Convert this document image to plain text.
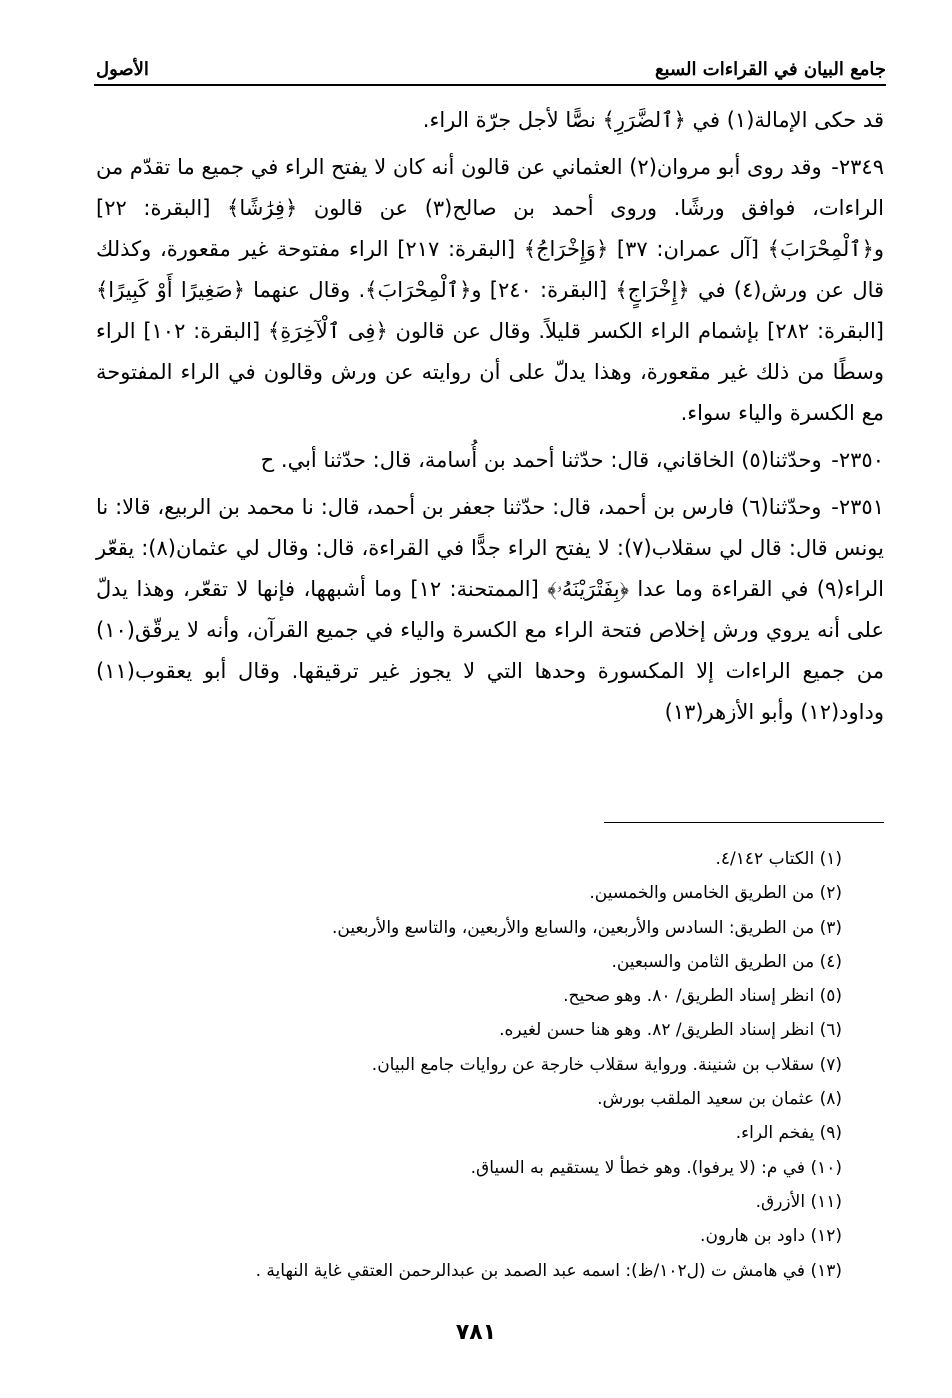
جامع البيان في القراءات السبع
الأصول

قد حكى الإمالة(١) في ﴿ٱلضَّرَرِ﴾ نصًّا لأجل جرّة الراء.

٢٣٤٩- وقد روى أبو مروان(٢) العثماني عن قالون أنه كان لا يفتح الراء في جميع ما تقدّم من الراءات، فوافق ورشًا. وروى أحمد بن صالح(٣) عن قالون ﴿فِرَٰشًا﴾ [البقرة: ٢٢] و﴿ٱلْمِحْرَابَ﴾ [آل عمران: ٣٧] ﴿وَإِخْرَاجُ﴾ [البقرة: ٢١٧] الراء مفتوحة غير مقعورة، وكذلك قال عن ورش(٤) في ﴿إِخْرَاجٍ﴾ [البقرة: ٢٤٠] و﴿ٱلْمِحْرَابَ﴾. وقال عنهما ﴿صَغِيرًا أَوْ كَبِيرًا﴾ [البقرة: ٢٨٢] بإشمام الراء الكسر قليلاً. وقال عن قالون ﴿فِى ٱلْآخِرَةِ﴾ [البقرة: ١٠٢] الراء وسطًا من ذلك غير مقعورة، وهذا يدلّ على أن روايته عن ورش وقالون في الراء المفتوحة مع الكسرة والياء سواء.

٢٣٥٠- وحدّثنا(٥) الخاقاني، قال: حدّثنا أحمد بن أُسامة، قال: حدّثنا أبي. ح

٢٣٥١- وحدّثنا(٦) فارس بن أحمد، قال: حدّثنا جعفر بن أحمد، قال: نا محمد بن الربيع، قالا: نا يونس قال: قال لي سقلاب(٧): لا يفتح الراء جدًّا في القراءة، قال: وقال لي عثمان(٨): يقعّر الراء(٩) في القراءة وما عدا ﴿بِفَتْرَيْنَهُۥ﴾ [الممتحنة: ١٢] وما أشبهها، فإنها لا تقعّر، وهذا يدلّ على أنه يروي ورش إخلاص فتحة الراء مع الكسرة والياء في جميع القرآن، وأنه لا يرقّق(١٠) من جميع الراءات إلا المكسورة وحدها التي لا يجوز غير ترقيقها. وقال أبو يعقوب(١١) وداود(١٢) وأبو الأزهر(١٣)

(١) الكتاب ٤/١٤٢.
(٢) من الطريق الخامس والخمسين.
(٣) من الطريق: السادس والأربعين، والسابع والأربعين، والتاسع والأربعين.
(٤) من الطريق الثامن والسبعين.
(٥) انظر إسناد الطريق/ ٨٠. وهو صحيح.
(٦) انظر إسناد الطريق/ ٨٢. وهو هنا حسن لغيره.
(٧) سقلاب بن شنينة. ورواية سقلاب خارجة عن روايات جامع البيان.
(٨) عثمان بن سعيد الملقب بورش.
(٩) يفخم الراء.
(١٠) في م: (لا يرفوا). وهو خطأ لا يستقيم به السياق.
(١١) الأزرق.
(١٢) داود بن هارون.
(١٣) في هامش ت (ل١٠٢/ظ): اسمه عبد الصمد بن عبدالرحمن العتقي غاية النهاية .
٧٨١
